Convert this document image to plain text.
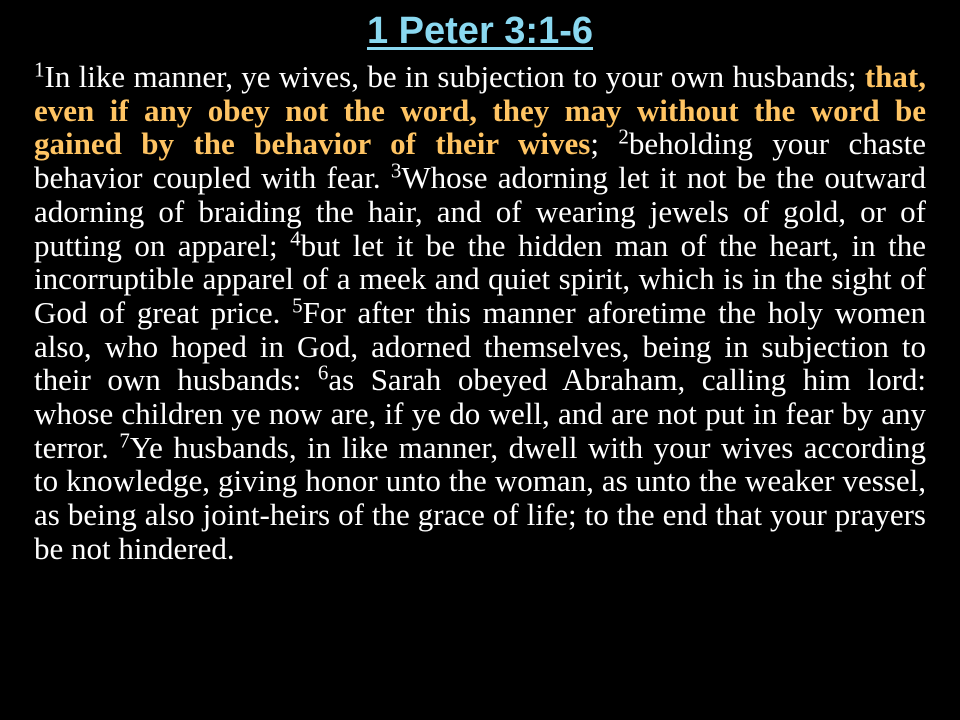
1 Peter 3:1-6

$^1$In like manner, ye wives, be in subjection to your own husbands; that, even if any obey not the word, they may without the word be gained by the behavior of their wives; $^2$beholding your chaste behavior coupled with fear. $^3$Whose adorning let it not be the outward adorning of braiding the hair, and of wearing jewels of gold, or of putting on apparel; $^4$but let it be the hidden man of the heart, in the incorruptible apparel of a meek and quiet spirit, which is in the sight of God of great price. $^5$For after this manner aforetime the holy women also, who hoped in God, adorned themselves, being in subjection to their own husbands: $^6$as Sarah obeyed Abraham, calling him lord: whose children ye now are, if ye do well, and are not put in fear by any terror. $^7$Ye husbands, in like manner, dwell with your wives according to knowledge, giving honor unto the woman, as unto the weaker vessel, as being also joint-heirs of the grace of life; to the end that your prayers be not hindered.
